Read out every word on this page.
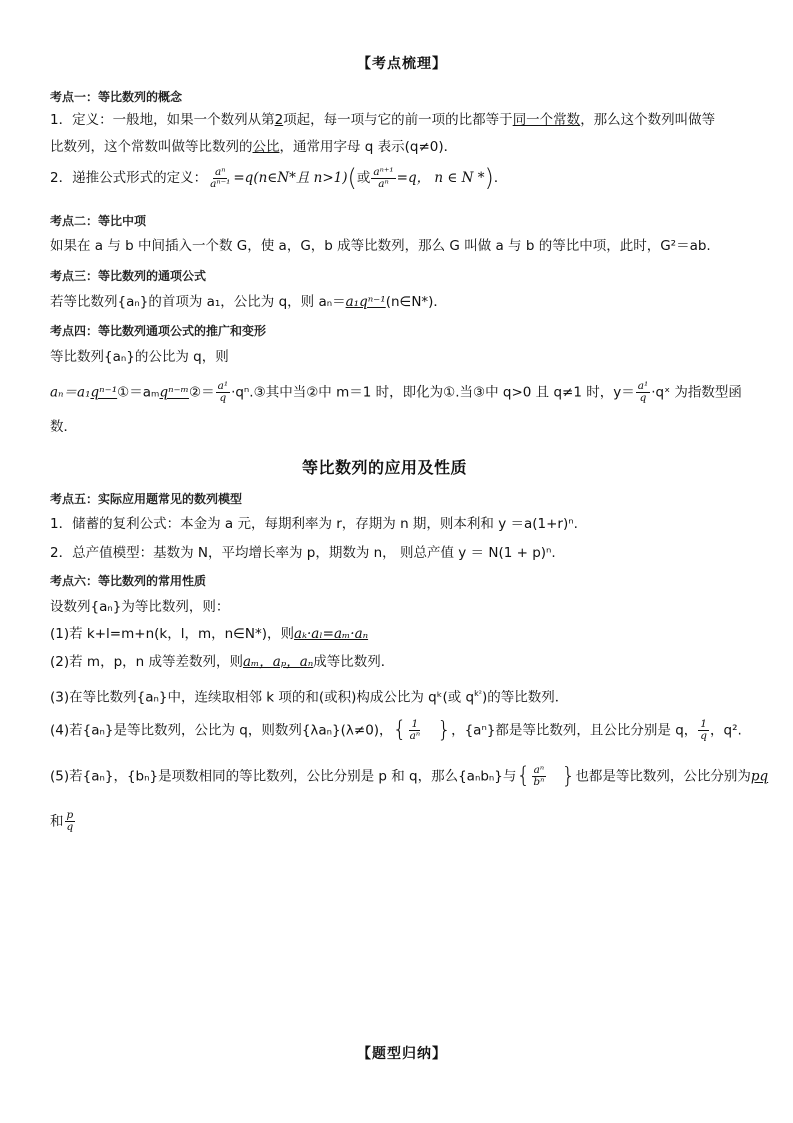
【考点梳理】
考点一：等比数列的概念
1．定义：一般地，如果一个数列从第2项起，每一项与它的前一项的比都等于同一个常数，那么这个数列叫做等
比数列，这个常数叫做等比数列的公比，通常用字母 q 表示(q≠0)．
2．递推公式形式的定义： $\frac{\text{aⁿ}}{\text{aⁿ⁻¹}}$ =q(n∈N*且 n>1)(或 $\frac{\text{aⁿ⁺¹}}{\text{aⁿ}} =q$， n ∈ N *)．
考点二：等比中项
如果在 a 与 b 中间插入一个数 G，使 a，G，b 成等比数列，那么 G 叫做 a 与 b 的等比中项，此时，G²＝ab.
考点三：等比数列的通项公式
若等比数列{aₙ}的首项为 a₁，公比为 q，则 aₙ＝a₁qⁿ⁻¹(n∈N*)．
考点四：等比数列通项公式的推广和变形
等比数列{aₙ}的公比为 q，则
aₙ＝a₁qⁿ⁻¹①＝aₘqⁿ⁻ᵐ②＝ $\frac{\text{a¹}}{q}$ ·qⁿ.③其中当②中 m＝1 时，即化为①.当③中 q>0 且 q≠1 时，$y= \frac{\text{a¹}}{q}$ ·qˣ 为指数型函
数．
等比数列的应用及性质
考点五：实际应用题常见的数列模型
1．储蓄的复利公式：本金为 a 元，每期利率为 r，存期为 n 期，则本利和 y ＝a(1+r)ⁿ.
2．总产值模型：基数为 N，平均增长率为 p，期数为 n， 则总产值 y ＝ N(1 + p)ⁿ.
考点六：等比数列的常用性质
设数列{aₙ}为等比数列，则：
(1)若 k+l=m+n(k，l，m，n∈N*)，则aₖ·aₗ=aₘ·aₙ
(2)若 m，p，n 成等差数列，则aₘ，aₚ，aₙ成等比数列．
(3)在等比数列{aₙ}中，连续取相邻 k 项的和(或积)构成公比为 qᵏ(或 $q^{k^2}$)的等比数列．
(4)若{aₙ}是等比数列，公比为 q，则数列{λaₙ}(λ≠0)，{ $\frac{1}{\text{aⁿ}}$ }，{aⁿ}都是等比数列，且公比分别是 q， $\frac{1}{q}$ ，q².
(5)若{aₙ}，{bₙ}是项数相同的等比数列，公比分别是 p 和 q，那么{aₙbₙ}与{ $\frac{\text{aⁿ}}{\text{bⁿ}}$ }也都是等比数列，公比分别为pq
和 $\frac{p}{q}$
【题型归纳】
